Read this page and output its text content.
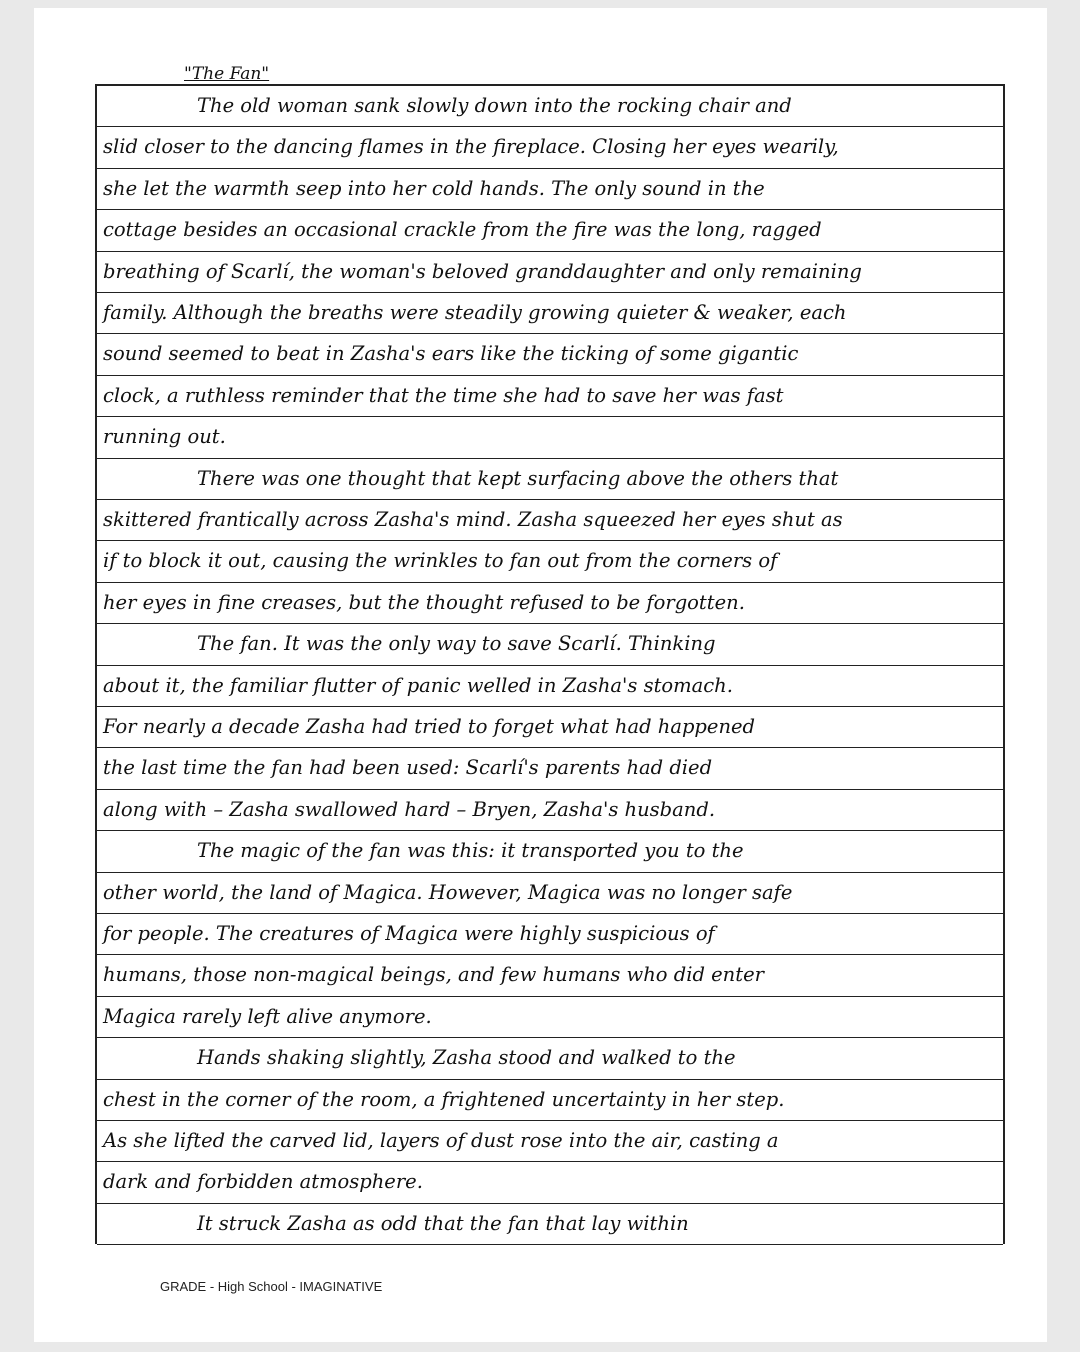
"The Fan"
The old woman sank slowly down into the rocking chair and
slid closer to the dancing flames in the fireplace. Closing her eyes wearily,
she let the warmth seep into her cold hands. The only sound in the
cottage besides an occasional crackle from the fire was the long, ragged
breathing of Scarlí, the woman's beloved granddaughter and only remaining
family. Although the breaths were steadily growing quieter & weaker, each
sound seemed to beat in Zasha's ears like the ticking of some gigantic
clock, a ruthless reminder that the time she had to save her was fast
running out.
There was one thought that kept surfacing above the others that
skittered frantically across Zasha's mind. Zasha squeezed her eyes shut as
if to block it out, causing the wrinkles to fan out from the corners of
her eyes in fine creases, but the thought refused to be forgotten.
The fan. It was the only way to save Scarlí. Thinking
about it, the familiar flutter of panic welled in Zasha's stomach.
For nearly a decade Zasha had tried to forget what had happened
the last time the fan had been used: Scarlí's parents had died
along with – Zasha swallowed hard – Bryen, Zasha's husband.
The magic of the fan was this: it transported you to the
other world, the land of Magica. However, Magica was no longer safe
for people. The creatures of Magica were highly suspicious of
humans, those non-magical beings, and few humans who did enter
Magica rarely left alive anymore.
Hands shaking slightly, Zasha stood and walked to the
chest in the corner of the room, a frightened uncertainty in her step.
As she lifted the carved lid, layers of dust rose into the air, casting a
dark and forbidden atmosphere.
It struck Zasha as odd that the fan that lay within
GRADE - High School - IMAGINATIVE
